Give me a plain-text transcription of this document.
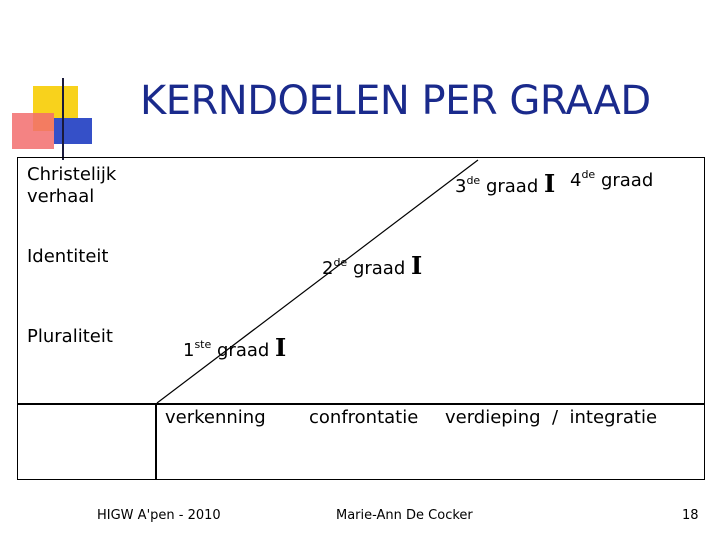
KERNDOELEN PER GRAAD
Christelijk verhaal
Identiteit
Pluraliteit
1ste graad I
2de graad I
3de graad I 4de graad
verkenning confrontatie verdieping  /  integratie
HIGW A'pen - 2010	Marie-Ann De Cocker	18
